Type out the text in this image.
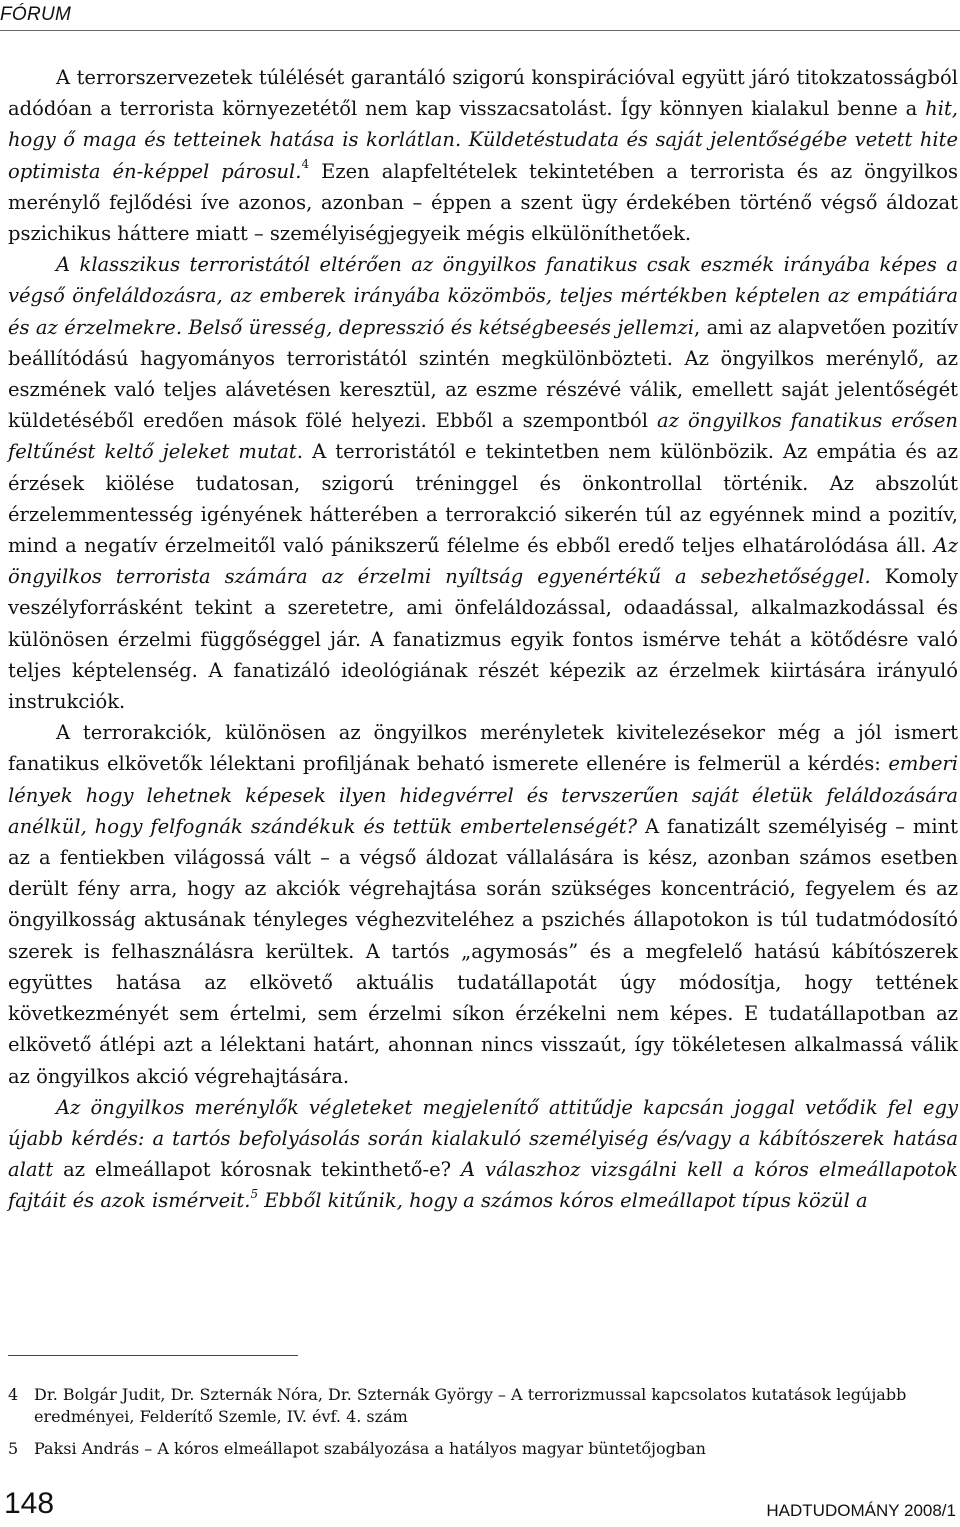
FÓRUM

A terrorszervezetek túlélését garantáló szigorú konspirációval együtt járó titokzatosságból adódóan a terrorista környezetétől nem kap visszacsatolást. Így könnyen kialakul benne a hit, hogy ő maga és tetteinek hatása is korlátlan. Küldetéstudata és saját jelentőségébe vetett hite optimista én-képpel párosul.$^4$ Ezen alapfeltételek tekintetében a terrorista és az öngyilkos merénylő fejlődési íve azonos, azonban – éppen a szent ügy érdekében történő végső áldozat pszichikus háttere miatt – személyiségjegyeik mégis elkülöníthetőek.

A klasszikus terroristától eltérően az öngyilkos fanatikus csak eszmék irányába képes a végső önfeláldozásra, az emberek irányába közömbös, teljes mértékben képtelen az empátiára és az érzelmekre. Belső üresség, depresszió és kétségbeesés jellemzi, ami az alapvetően pozitív beállítódású hagyományos terroristától szintén megkülönbözteti. Az öngyilkos merénylő, az eszmének való teljes alávetésen keresztül, az eszme részévé válik, emellett saját jelentőségét küldetéséből eredően mások fölé helyezi. Ebből a szempontból az öngyilkos fanatikus erősen feltűnést keltő jeleket mutat. A terroristától e tekintetben nem különbözik. Az empátia és az érzések kiölése tudatosan, szigorú tréninggel és önkontrollal történik. Az abszolút érzelemmentesség igényének hátterében a terrorakció sikerén túl az egyénnek mind a pozitív, mind a negatív érzelmeitől való pánikszerű félelme és ebből eredő teljes elhatárolódása áll. Az öngyilkos terrorista számára az érzelmi nyíltság egyenértékű a sebezhetőséggel. Komoly veszélyforrásként tekint a szeretetre, ami önfeláldozással, odaadással, alkalmazkodással és különösen érzelmi függőséggel jár. A fanatizmus egyik fontos ismérve tehát a kötődésre való teljes képtelenség. A fanatizáló ideológiának részét képezik az érzelmek kiirtására irányuló instrukciók.

A terrorakciók, különösen az öngyilkos merényletek kivitelezésekor még a jól ismert fanatikus elkövetők lélektani profiljának beható ismerete ellenére is felmerül a kérdés: emberi lények hogy lehetnek képesek ilyen hidegvérrel és tervszerűen saját életük feláldozására anélkül, hogy felfognák szándékuk és tettük embertelenségét? A fanatizált személyiség – mint az a fentiekben világossá vált – a végső áldozat vállalására is kész, azonban számos esetben derült fény arra, hogy az akciók végrehajtása során szükséges koncentráció, fegyelem és az öngyilkosság aktusának tényleges véghezviteléhez a pszichés állapotokon is túl tudatmódosító szerek is felhasználásra kerültek. A tartós „agymosás” és a megfelelő hatású kábítószerek együttes hatása az elkövető aktuális tudatállapotát úgy módosítja, hogy tettének következményét sem értelmi, sem érzelmi síkon érzékelni nem képes. E tudatállapotban az elkövető átlépi azt a lélektani határt, ahonnan nincs visszaút, így tökéletesen alkalmassá válik az öngyilkos akció végrehajtására.

Az öngyilkos merénylők végleteket megjelenítő attitűdje kapcsán joggal vetődik fel egy újabb kérdés: a tartós befolyásolás során kialakuló személyiség és/vagy a kábítószerek hatása alatt az elmeállapot kórosnak tekinthető-e? A válaszhoz vizsgálni kell a kóros elmeállapotok fajtáit és azok ismérveit.$^5$ Ebből kitűnik, hogy a számos kóros elmeállapot típus közül a

4 Dr. Bolgár Judit, Dr. Szternák Nóra, Dr. Szternák György – A terrorizmussal kapcsolatos kutatások legújabb eredményei, Felderítő Szemle, IV. évf. 4. szám
5 Paksi András – A kóros elmeállapot szabályozása a hatályos magyar büntetőjogban
148	HADTUDOMÁNY 2008/1
